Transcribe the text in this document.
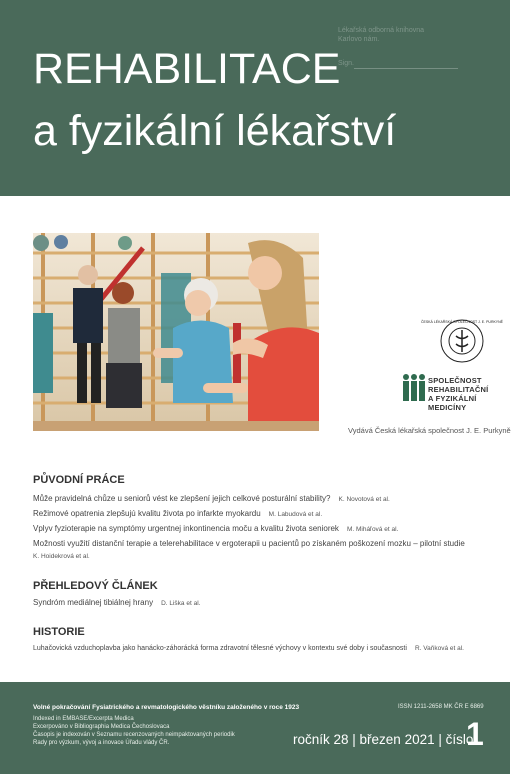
Lékařská odborná knihovna
Karlovo nám.
Sign.
REHABILITACE
a fyzikální lékařství
ČESKÁ LÉKAŘSKÁ SPOLEČNOST J. E. PURKYNĚ
SPOLEČNOST
REHABILITAČNÍ
A FYZIKÁLNÍ
MEDICÍNY
Vydává Česká lékařská společnost J. E. Purkyně
PŮVODNÍ PRÁCE
Může pravidelná chůze u seniorů vést ke zlepšení jejich celkové posturální stability? K. Novotová et al.
Režimové opatrenia zlepšujú kvalitu života po infarkte myokardu M. Labudová et al.
Vplyv fyzioterapie na symptómy urgentnej inkontinencia moču a kvalitu života seniorek M. Miháľová et al.
Možnosti využití distanční terapie a telerehabilitace v ergoterapii u pacientů po získaném poškození mozku – pilotní studie
K. Hoidekrová et al.
PŘEHLEDOVÝ ČLÁNEK
Syndróm mediálnej tibiálnej hrany D. Liška et al.
HISTORIE
Luhačovická vzduchoplavba jako hanácko-záhorácká forma zdravotní tělesné výchovy v kontextu své doby i současnosti R. Vaňková et al.
Volné pokračování Fysiatrického a revmatologického věstníku založeného v roce 1923
Indexed in EMBASE/Excerpta Medica
Excerpováno v Bibliographia Medica Čechoslovaca
Časopis je indexován v Seznamu recenzovaných neimpaktovaných periodik
Rady pro výzkum, vývoj a inovace Úřadu vlády ČR.
ISSN 1211-2658 MK ČR E 6869
ročník 28 | březen 2021 | číslo
1
